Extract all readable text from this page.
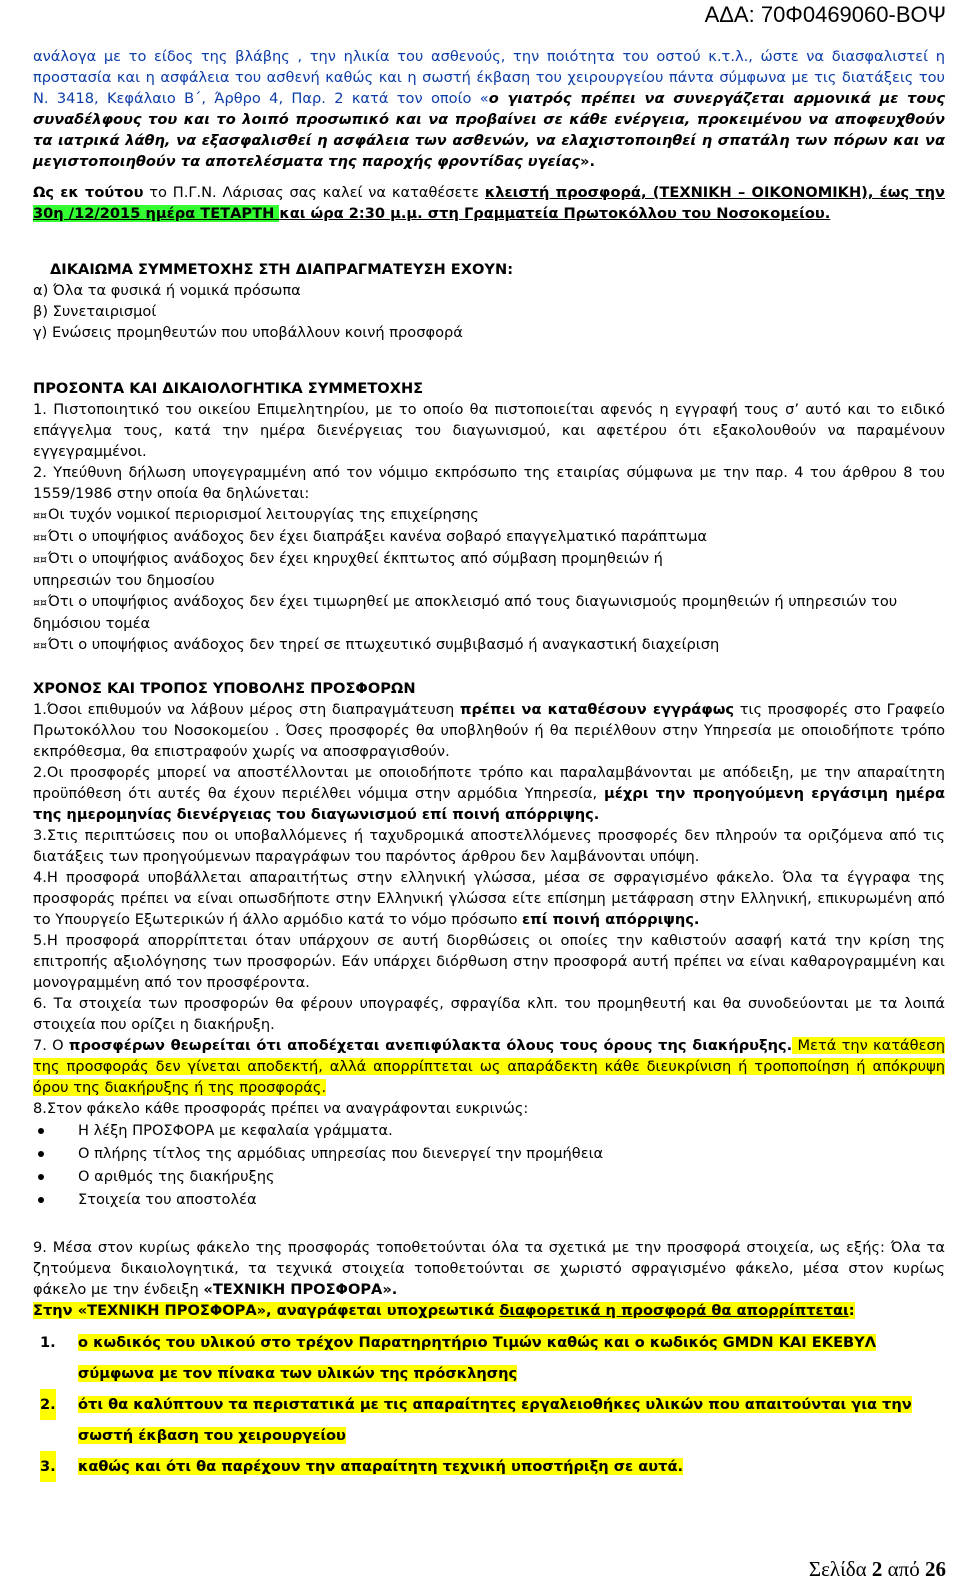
ΑΔΑ: 70Φ0469060-ΒΟΨ

ανάλογα με το είδος της βλάβης , την ηλικία του ασθενούς, την ποιότητα του οστού κ.τ.λ., ώστε να διασφαλιστεί η προστασία και η ασφάλεια του ασθενή καθώς και η σωστή έκβαση του χειρουργείου πάντα σύμφωνα με τις διατάξεις του Ν. 3418, Κεφάλαιο Β΄, Άρθρο 4, Παρ. 2 κατά τον οποίο «ο γιατρός πρέπει να συνεργάζεται αρμονικά με τους συναδέλφους του και το λοιπό προσωπικό και να προβαίνει σε κάθε ενέργεια, προκειμένου να αποφευχθούν τα ιατρικά λάθη, να εξασφαλισθεί η ασφάλεια των ασθενών, να ελαχιστοποιηθεί η σπατάλη των πόρων και να μεγιστοποιηθούν τα αποτελέσματα της παροχής φροντίδας υγείας».

Ως εκ τούτου το Π.Γ.Ν. Λάρισας σας καλεί να καταθέσετε κλειστή προσφορά, (ΤΕΧΝΙΚΗ – ΟΙΚΟΝΟΜΙΚΗ), έως την 30η /12/2015 ημέρα ΤΕΤΑΡΤΗ και ώρα 2:30 μ.μ. στη Γραμματεία Πρωτοκόλλου του Νοσοκομείου.

ΔΙΚΑΙΩΜΑ ΣΥΜΜΕΤΟΧΗΣ ΣΤΗ ΔΙΑΠΡΑΓΜΑΤΕΥΣΗ ΕΧΟΥΝ:

α) Όλα τα φυσικά ή νομικά πρόσωπα

β) Συνεταιρισμοί

γ) Ενώσεις προμηθευτών που υποβάλλουν κοινή προσφορά

ΠΡΟΣΟΝΤΑ ΚΑΙ ΔΙΚΑΙΟΛΟΓΗΤΙΚΑ ΣΥΜΜΕΤΟΧΗΣ

1. Πιστοποιητικό του οικείου Επιμελητηρίου, με το οποίο θα πιστοποιείται αφενός η εγγραφή τους σ’ αυτό και το ειδικό επάγγελμα τους, κατά την ημέρα διενέργειας του διαγωνισμού, και αφετέρου ότι εξακολουθούν να παραμένουν εγγεγραμμένοι.

2. Υπεύθυνη δήλωση υπογεγραμμένη από τον νόμιμο εκπρόσωπο της εταιρίας σύμφωνα με την παρ. 4 του άρθρου 8 του 1559/1986 στην οποία θα δηλώνεται:

¤¤ Οι τυχόν νομικοί περιορισμοί λειτουργίας της επιχείρησης

¤¤ Ότι ο υποψήφιος ανάδοχος δεν έχει διαπράξει κανένα σοβαρό επαγγελματικό παράπτωμα

¤¤ Ότι ο υποψήφιος ανάδοχος δεν έχει κηρυχθεί έκπτωτος από σύμβαση προμηθειών ή

υπηρεσιών του δημοσίου

¤¤ Ότι ο υποψήφιος ανάδοχος δεν έχει τιμωρηθεί με αποκλεισμό από τους διαγωνισμούς προμηθειών ή υπηρεσιών του δημόσιου τομέα

¤¤ Ότι ο υποψήφιος ανάδοχος δεν τηρεί σε πτωχευτικό συμβιβασμό ή αναγκαστική διαχείριση

ΧΡΟΝΟΣ ΚΑΙ ΤΡΟΠΟΣ ΥΠΟΒΟΛΗΣ ΠΡΟΣΦΟΡΩΝ

1.Όσοι επιθυμούν να λάβουν μέρος στη διαπραγμάτευση πρέπει να καταθέσουν εγγράφως τις προσφορές στο Γραφείο Πρωτοκόλλου του Νοσοκομείου . Όσες προσφορές θα υποβληθούν ή θα περιέλθουν στην Υπηρεσία με οποιοδήποτε τρόπο εκπρόθεσμα, θα επιστραφούν χωρίς να αποσφραγισθούν.

2.Οι προσφορές μπορεί να αποστέλλονται με οποιοδήποτε τρόπο και παραλαμβάνονται με απόδειξη, με την απαραίτητη προϋπόθεση ότι αυτές θα έχουν περιέλθει νόμιμα στην αρμόδια Υπηρεσία, μέχρι την προηγούμενη εργάσιμη ημέρα της ημερομηνίας διενέργειας του διαγωνισμού επί ποινή απόρριψης.

3.Στις περιπτώσεις που οι υποβαλλόμενες ή ταχυδρομικά αποστελλόμενες προσφορές δεν πληρούν τα οριζόμενα από τις διατάξεις των προηγούμενων παραγράφων του παρόντος άρθρου δεν λαμβάνονται υπόψη.

4.Η προσφορά υποβάλλεται απαραιτήτως στην ελληνική γλώσσα, μέσα σε σφραγισμένο φάκελο. Όλα τα έγγραφα της προσφοράς πρέπει να είναι οπωσδήποτε στην Ελληνική γλώσσα είτε επίσημη μετάφραση στην Ελληνική, επικυρωμένη από το Υπουργείο Εξωτερικών ή άλλο αρμόδιο κατά το νόμο πρόσωπο επί ποινή απόρριψης.

5.Η προσφορά απορρίπτεται όταν υπάρχουν σε αυτή διορθώσεις οι οποίες την καθιστούν ασαφή κατά την κρίση της επιτροπής αξιολόγησης των προσφορών. Εάν υπάρχει διόρθωση στην προσφορά αυτή πρέπει να είναι καθαρογραμμένη και μονογραμμένη από τον προσφέροντα.

6. Τα στοιχεία των προσφορών θα φέρουν υπογραφές, σφραγίδα κλπ. του προμηθευτή και θα συνοδεύονται με τα λοιπά στοιχεία που ορίζει η διακήρυξη.

7. Ο προσφέρων θεωρείται ότι αποδέχεται ανεπιφύλακτα όλους τους όρους της διακήρυξης. Μετά την κατάθεση της προσφοράς δεν γίνεται αποδεκτή, αλλά απορρίπτεται ως απαράδεκτη κάθε διευκρίνιση ή τροποποίηση ή απόκρυψη όρου της διακήρυξης ή της προσφοράς.

8.Στον φάκελο κάθε προσφοράς πρέπει να αναγράφονται ευκρινώς:

Η λέξη ΠΡΟΣΦΟΡΑ με κεφαλαία γράμματα.
Ο πλήρης τίτλος της αρμόδιας υπηρεσίας που διενεργεί την προμήθεια
Ο αριθμός της διακήρυξης
Στοιχεία του αποστολέα

9. Μέσα στον κυρίως φάκελο της προσφοράς τοποθετούνται όλα τα σχετικά με την προσφορά στοιχεία, ως εξής: Όλα τα ζητούμενα δικαιολογητικά, τα τεχνικά στοιχεία τοποθετούνται σε χωριστό σφραγισμένο φάκελο, μέσα στον κυρίως φάκελο με την ένδειξη «ΤΕΧΝΙΚΗ ΠΡΟΣΦΟΡΑ».

Στην «ΤΕΧΝΙΚΗ ΠΡΟΣΦΟΡΑ», αναγράφεται υποχρεωτικά διαφορετικά η προσφορά θα απορρίπτεται:

1. ο κωδικός του υλικού στο τρέχον Παρατηρητήριο Τιμών καθώς και ο κωδικός GMDN ΚΑΙ ΕΚΕΒΥΛ
σύμφωνα με τον πίνακα των υλικών της πρόσκλησης
2. ότι θα καλύπτουν τα περιστατικά με τις απαραίτητες εργαλειοθήκες υλικών που απαιτούνται για την
σωστή έκβαση του χειρουργείου
3. καθώς και ότι θα παρέχουν την απαραίτητη τεχνική υποστήριξη σε αυτά.
Σελίδα 2 από 26
